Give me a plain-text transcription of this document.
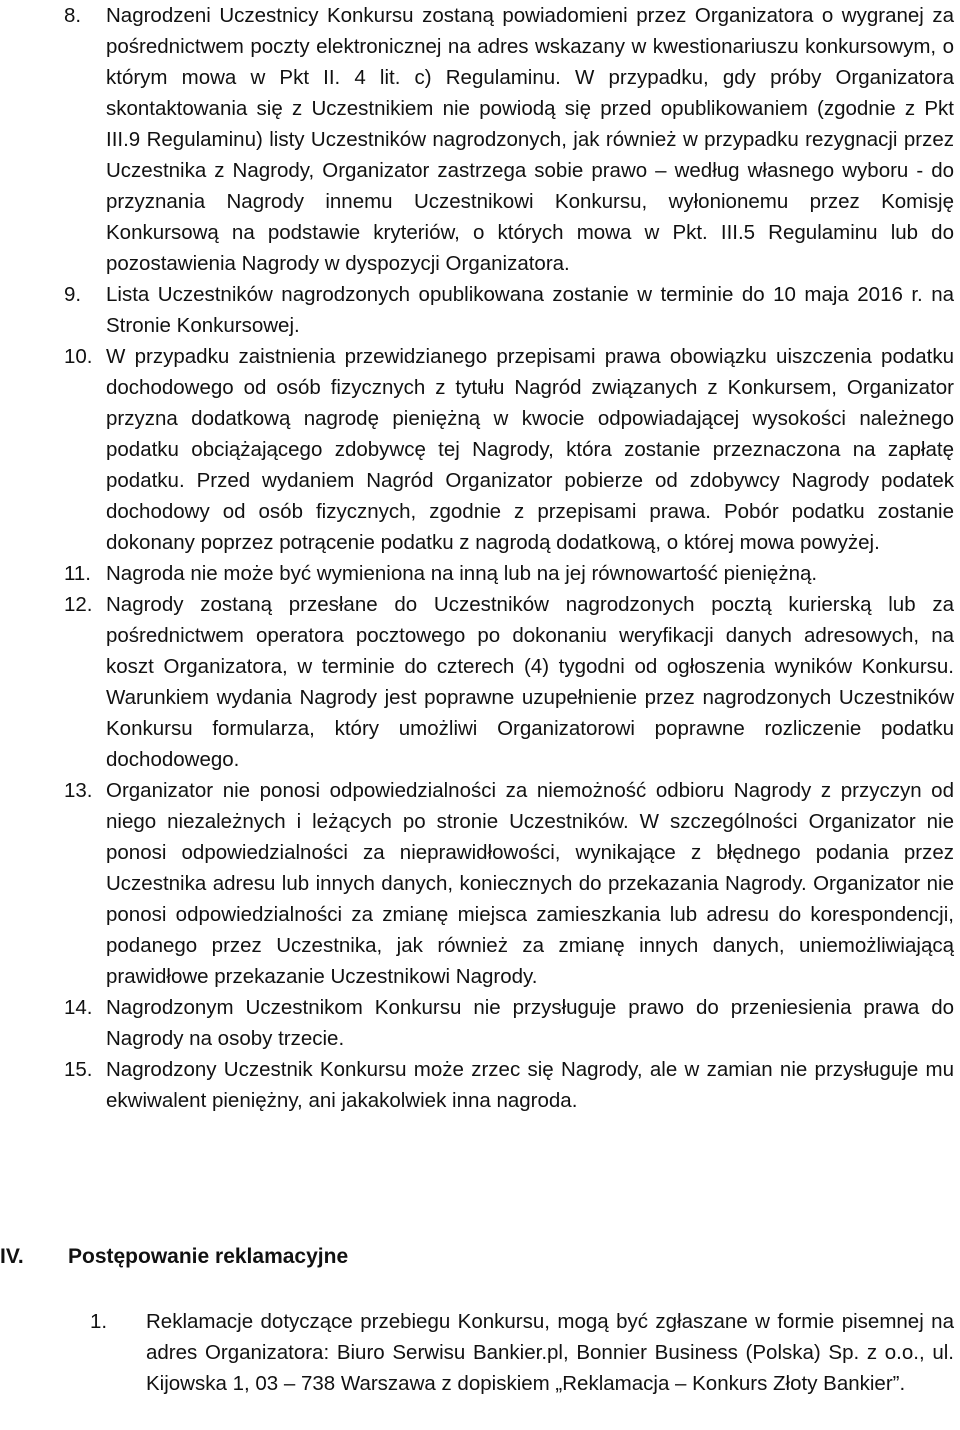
8.	Nagrodzeni Uczestnicy Konkursu zostaną powiadomieni przez Organizatora o wygranej za pośrednictwem poczty elektronicznej na adres wskazany w kwestionariuszu konkursowym, o którym mowa w Pkt II. 4 lit. c) Regulaminu. W przypadku, gdy próby Organizatora skontaktowania się z Uczestnikiem nie powiodą się przed opublikowaniem (zgodnie z Pkt III.9 Regulaminu) listy Uczestników nagrodzonych, jak również w przypadku rezygnacji przez Uczestnika z Nagrody, Organizator zastrzega sobie prawo – według własnego wyboru - do przyznania Nagrody innemu Uczestnikowi Konkursu, wyłonionemu przez Komisję Konkursową na podstawie kryteriów, o których mowa w Pkt. III.5 Regulaminu lub do pozostawienia Nagrody w dyspozycji Organizatora.
9.	Lista Uczestników nagrodzonych opublikowana zostanie w terminie do 10 maja 2016 r. na Stronie Konkursowej.
10. W przypadku zaistnienia przewidzianego przepisami prawa obowiązku uiszczenia podatku dochodowego od osób fizycznych z tytułu Nagród związanych z Konkursem, Organizator przyzna dodatkową nagrodę pieniężną w kwocie odpowiadającej wysokości należnego podatku obciążającego zdobywcę tej Nagrody, która zostanie przeznaczona na zapłatę podatku. Przed wydaniem Nagród Organizator pobierze od zdobywcy Nagrody podatek dochodowy od osób fizycznych, zgodnie z przepisami prawa. Pobór podatku zostanie dokonany poprzez potrącenie podatku z nagrodą dodatkową, o której mowa powyżej.
11. Nagroda nie może być wymieniona na inną lub na jej równowartość pieniężną.
12. Nagrody zostaną przesłane do Uczestników nagrodzonych pocztą kurierską lub za pośrednictwem operatora pocztowego po dokonaniu weryfikacji danych adresowych, na koszt Organizatora, w terminie do czterech (4) tygodni od ogłoszenia wyników Konkursu. Warunkiem wydania Nagrody jest poprawne uzupełnienie przez nagrodzonych Uczestników Konkursu formularza, który umożliwi Organizatorowi poprawne rozliczenie podatku dochodowego.
13. Organizator nie ponosi odpowiedzialności za niemożność odbioru Nagrody z przyczyn od niego niezależnych i leżących po stronie Uczestników. W szczególności Organizator nie ponosi odpowiedzialności za nieprawidłowości, wynikające z błędnego podania przez Uczestnika adresu lub innych danych, koniecznych do przekazania Nagrody. Organizator nie ponosi odpowiedzialności za zmianę miejsca zamieszkania lub adresu do korespondencji, podanego przez Uczestnika, jak również za zmianę innych danych, uniemożliwiającą prawidłowe przekazanie Uczestnikowi Nagrody.
14. Nagrodzonym Uczestnikom Konkursu nie przysługuje prawo do przeniesienia prawa do Nagrody na osoby trzecie.
15. Nagrodzony Uczestnik Konkursu może zrzec się Nagrody, ale w zamian nie przysługuje mu ekwiwalent pieniężny, ani jakakolwiek inna nagroda.
IV. Postępowanie reklamacyjne
1. Reklamacje dotyczące przebiegu Konkursu, mogą być zgłaszane w formie pisemnej na adres Organizatora: Biuro Serwisu Bankier.pl, Bonnier Business (Polska) Sp. z o.o., ul. Kijowska 1, 03 – 738 Warszawa z dopiskiem „Reklamacja – Konkurs Złoty Bankier”.
